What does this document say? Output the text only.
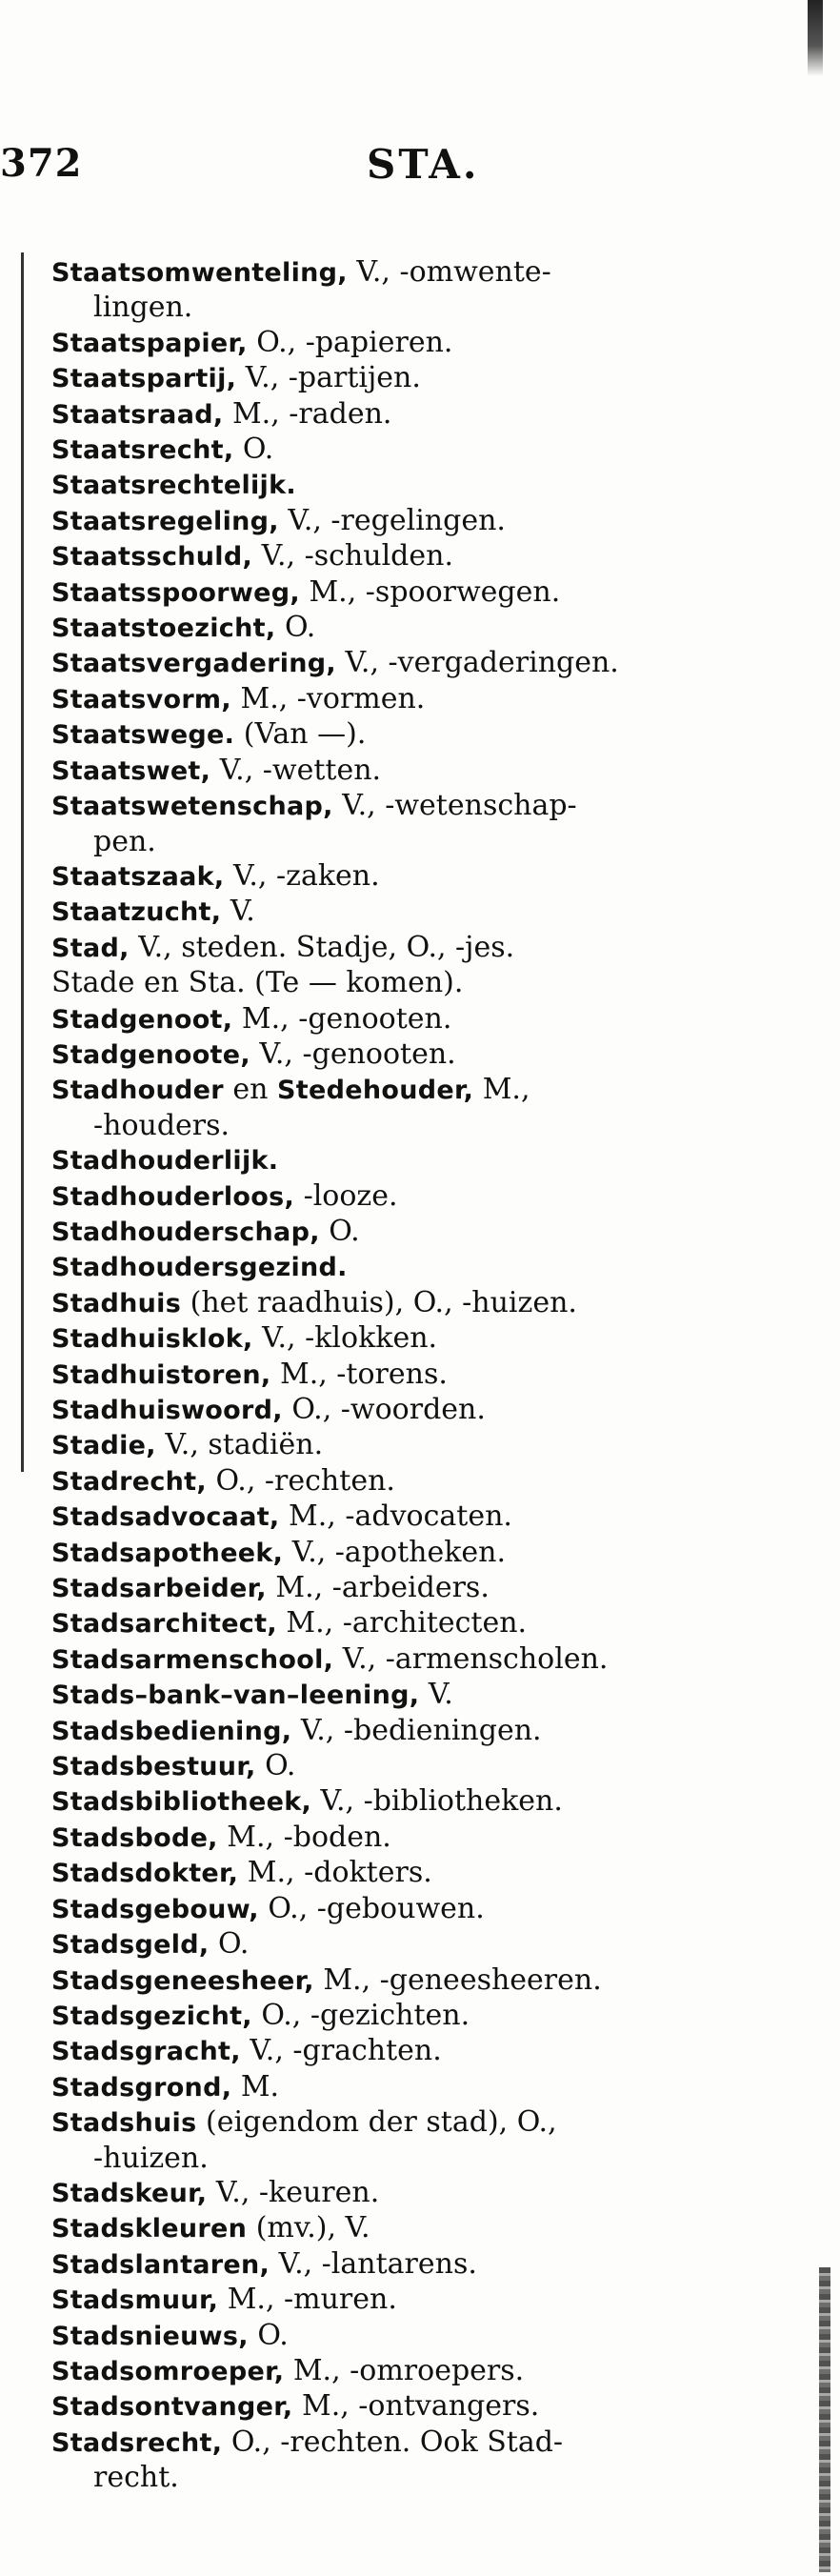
372	STA.
Staatsomwenteling, V., -omwente-
lingen.
Staatspapier, O., -papieren.
Staatspartij, V., -partijen.
Staatsraad, M., -raden.
Staatsrecht, O.
Staatsrechtelijk.
Staatsregeling, V., -regelingen.
Staatsschuld, V., -schulden.
Staatsspoorweg, M., -spoorwegen.
Staatstoezicht, O.
Staatsvergadering, V., -vergaderingen.
Staatsvorm, M., -vormen.
Staatswege. (Van —).
Staatswet, V., -wetten.
Staatswetenschap, V., -wetenschap-
pen.
Staatszaak, V., -zaken.
Staatzucht, V.
Stad, V., steden. Stadje, O., -jes.
Stade en Sta. (Te — komen).
Stadgenoot, M., -genooten.
Stadgenoote, V., -genooten.
Stadhouder en Stedehouder, M.,
-houders.
Stadhouderlijk.
Stadhouderloos, -looze.
Stadhouderschap, O.
Stadhoudersgezind.
Stadhuis (het raadhuis), O., -huizen.
Stadhuisklok, V., -klokken.
Stadhuistoren, M., -torens.
Stadhuiswoord, O., -woorden.
Stadie, V., stadiën.
Stadrecht, O., -rechten.
Stadsadvocaat, M., -advocaten.
Stadsapotheek, V., -apotheken.
Stadsarbeider, M., -arbeiders.
Stadsarchitect, M., -architecten.
Stadsarmenschool, V., -armenscholen.
Stads–bank–van–leening, V.
Stadsbediening, V., -bedieningen.
Stadsbestuur, O.
Stadsbibliotheek, V., -bibliotheken.
Stadsbode, M., -boden.
Stadsdokter, M., -dokters.
Stadsgebouw, O., -gebouwen.
Stadsgeld, O.
Stadsgeneesheer, M., -geneesheeren.
Stadsgezicht, O., -gezichten.
Stadsgracht, V., -grachten.
Stadsgrond, M.
Stadshuis (eigendom der stad), O.,
-huizen.
Stadskeur, V., -keuren.
Stadskleuren (mv.), V.
Stadslantaren, V., -lantarens.
Stadsmuur, M., -muren.
Stadsnieuws, O.
Stadsomroeper, M., -omroepers.
Stadsontvanger, M., -ontvangers.
Stadsrecht, O., -rechten. Ook Stad-
recht.
